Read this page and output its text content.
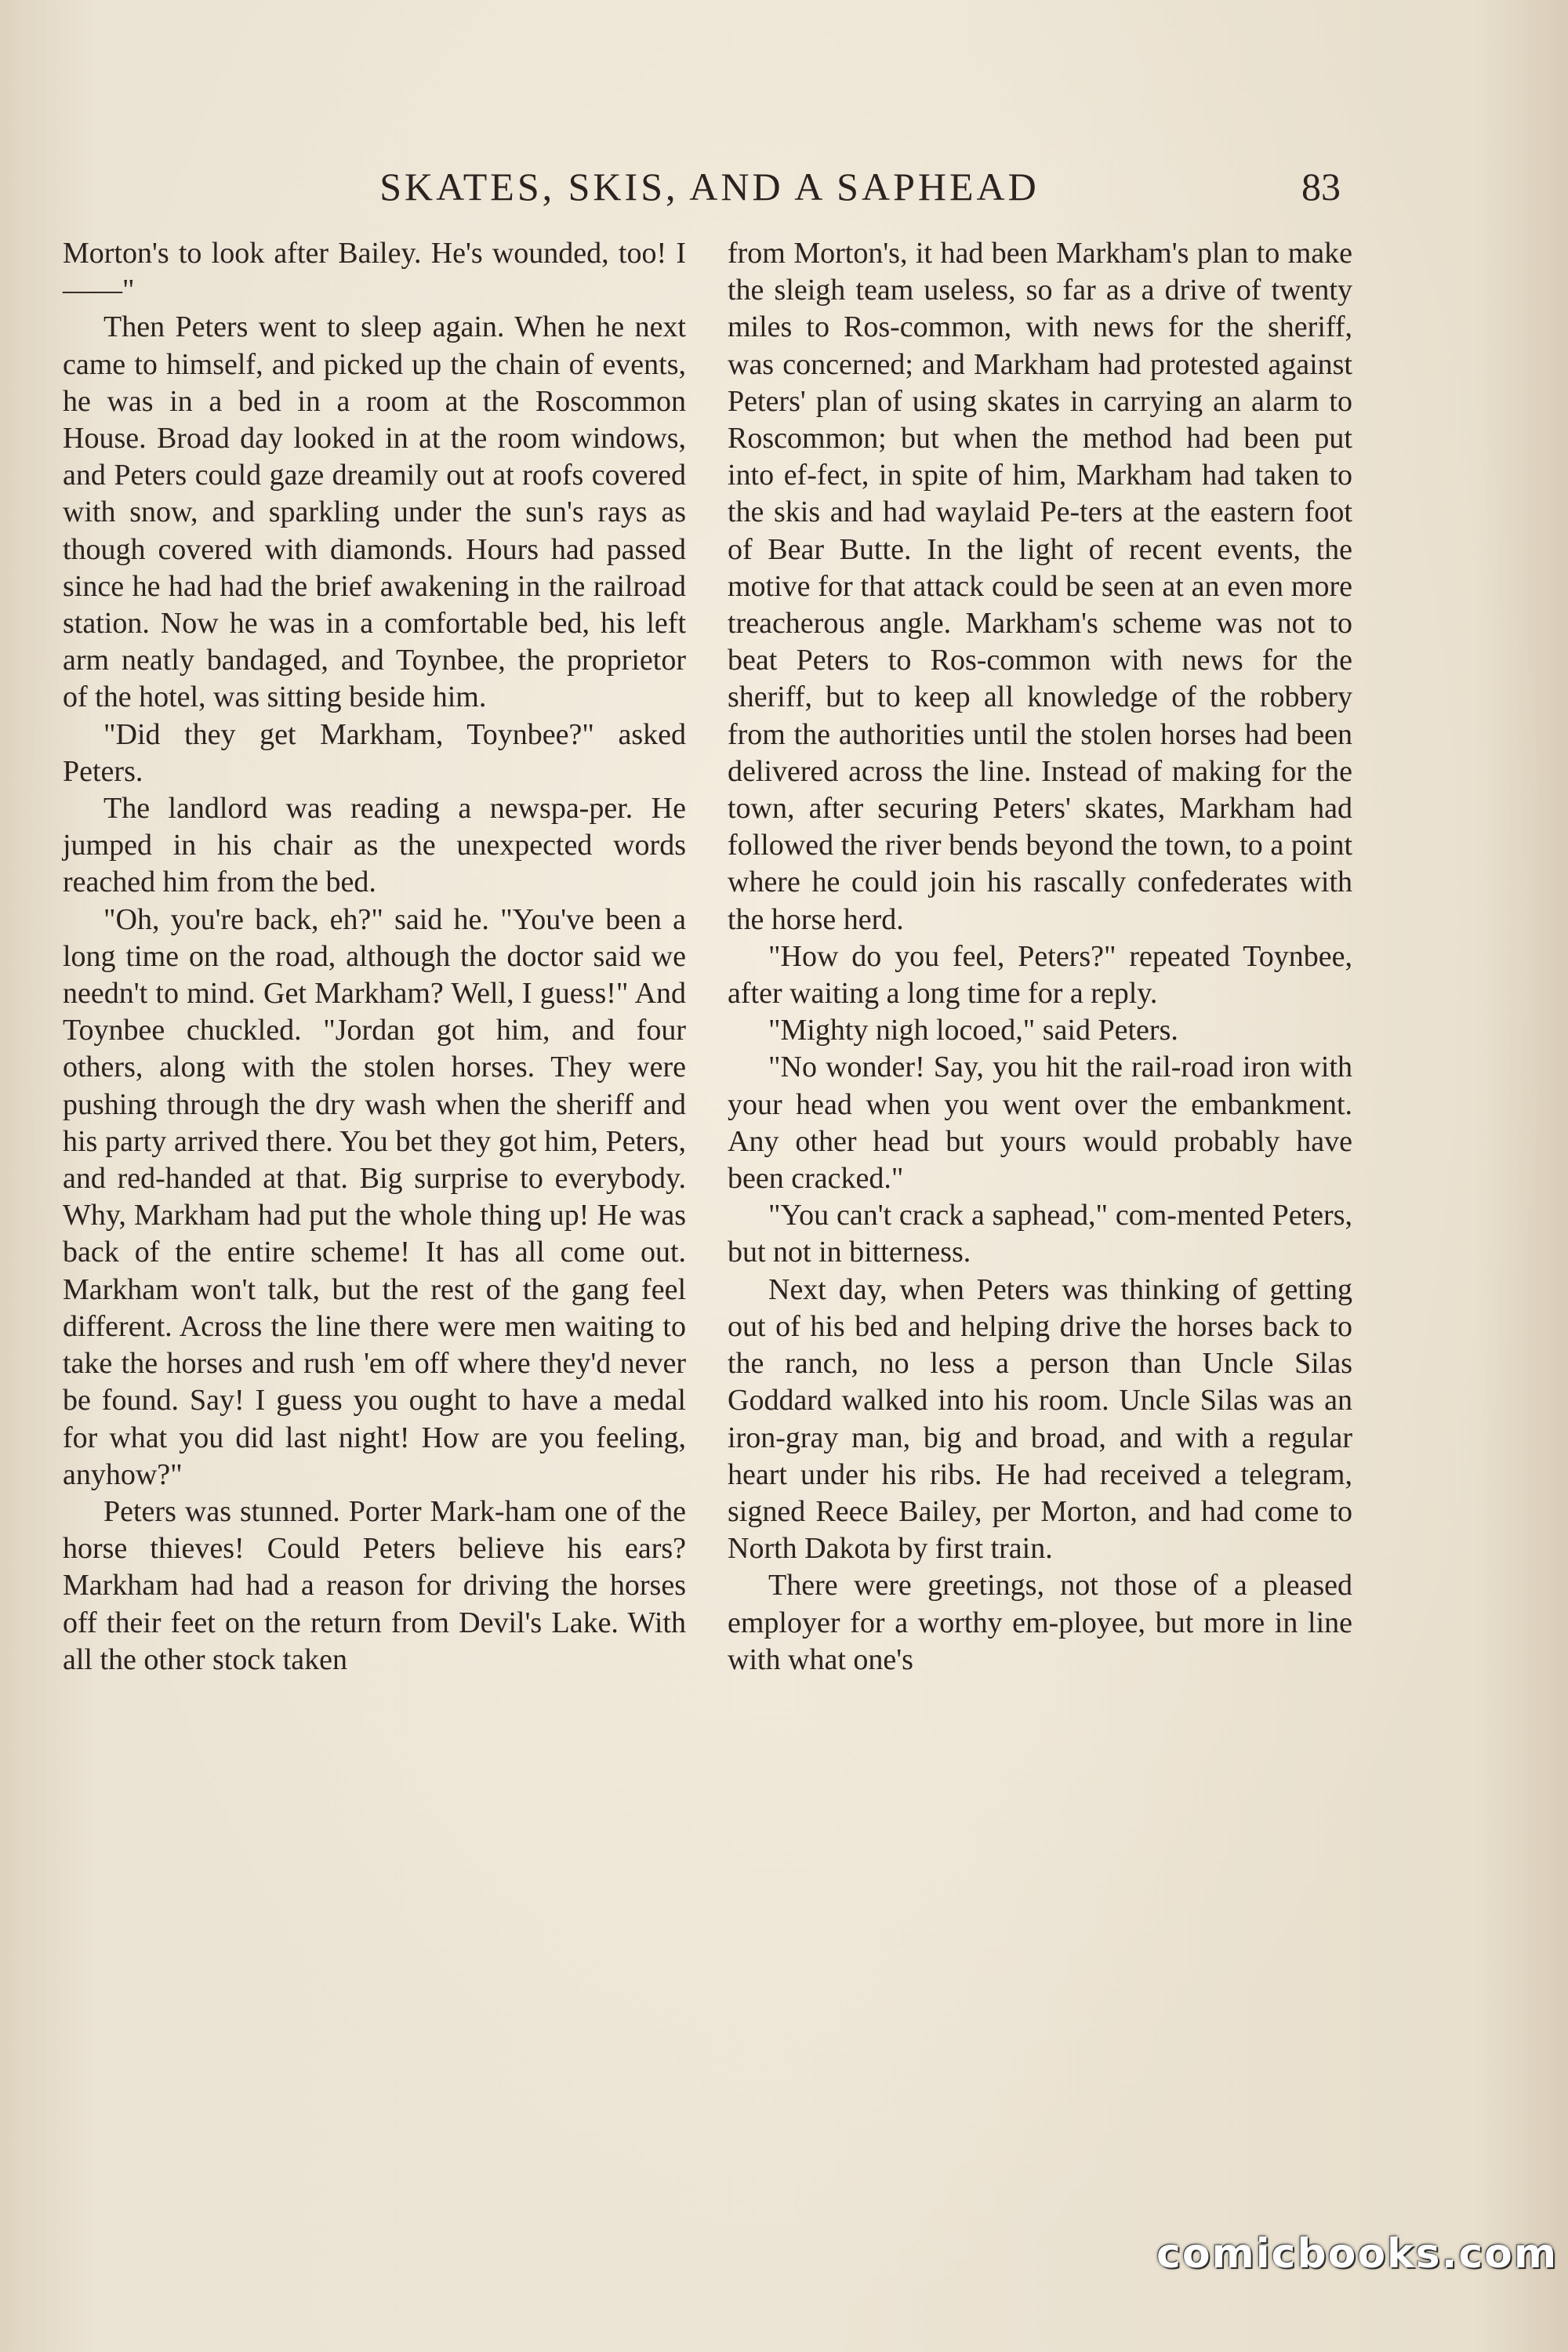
SKATES, SKIS, AND A SAPHEAD	83

Morton's to look after Bailey. He's wounded, too! I——"

Then Peters went to sleep again. When he next came to himself, and picked up the chain of events, he was in a bed in a room at the Roscommon House. Broad day looked in at the room windows, and Peters could gaze dreamily out at roofs covered with snow, and sparkling under the sun's rays as though covered with diamonds. Hours had passed since he had had the brief awakening in the railroad station. Now he was in a comfortable bed, his left arm neatly bandaged, and Toynbee, the proprietor of the hotel, was sitting beside him.

"Did they get Markham, Toynbee?" asked Peters.

The landlord was reading a newspa-per. He jumped in his chair as the unexpected words reached him from the bed.

"Oh, you're back, eh?" said he. "You've been a long time on the road, although the doctor said we needn't to mind. Get Markham? Well, I guess!" And Toynbee chuckled. "Jordan got him, and four others, along with the stolen horses. They were pushing through the dry wash when the sheriff and his party arrived there. You bet they got him, Peters, and red-handed at that. Big surprise to everybody. Why, Markham had put the whole thing up! He was back of the entire scheme! It has all come out. Markham won't talk, but the rest of the gang feel different. Across the line there were men waiting to take the horses and rush 'em off where they'd never be found. Say! I guess you ought to have a medal for what you did last night! How are you feeling, anyhow?"

Peters was stunned. Porter Mark-ham one of the horse thieves! Could Peters believe his ears? Markham had had a reason for driving the horses off their feet on the return from Devil's Lake. With all the other stock taken

from Morton's, it had been Markham's plan to make the sleigh team useless, so far as a drive of twenty miles to Ros-common, with news for the sheriff, was concerned; and Markham had protested against Peters' plan of using skates in carrying an alarm to Roscommon; but when the method had been put into ef-fect, in spite of him, Markham had taken to the skis and had waylaid Pe-ters at the eastern foot of Bear Butte. In the light of recent events, the motive for that attack could be seen at an even more treacherous angle. Markham's scheme was not to beat Peters to Ros-common with news for the sheriff, but to keep all knowledge of the robbery from the authorities until the stolen horses had been delivered across the line. Instead of making for the town, after securing Peters' skates, Markham had followed the river bends beyond the town, to a point where he could join his rascally confederates with the horse herd.

"How do you feel, Peters?" repeated Toynbee, after waiting a long time for a reply.

"Mighty nigh locoed," said Peters.

"No wonder! Say, you hit the rail-road iron with your head when you went over the embankment. Any other head but yours would probably have been cracked."

"You can't crack a saphead," com-mented Peters, but not in bitterness.

Next day, when Peters was thinking of getting out of his bed and helping drive the horses back to the ranch, no less a person than Uncle Silas Goddard walked into his room. Uncle Silas was an iron-gray man, big and broad, and with a regular heart under his ribs. He had received a telegram, signed Reece Bailey, per Morton, and had come to North Dakota by first train.

There were greetings, not those of a pleased employer for a worthy em-ployee, but more in line with what one's

comicbooks.com
